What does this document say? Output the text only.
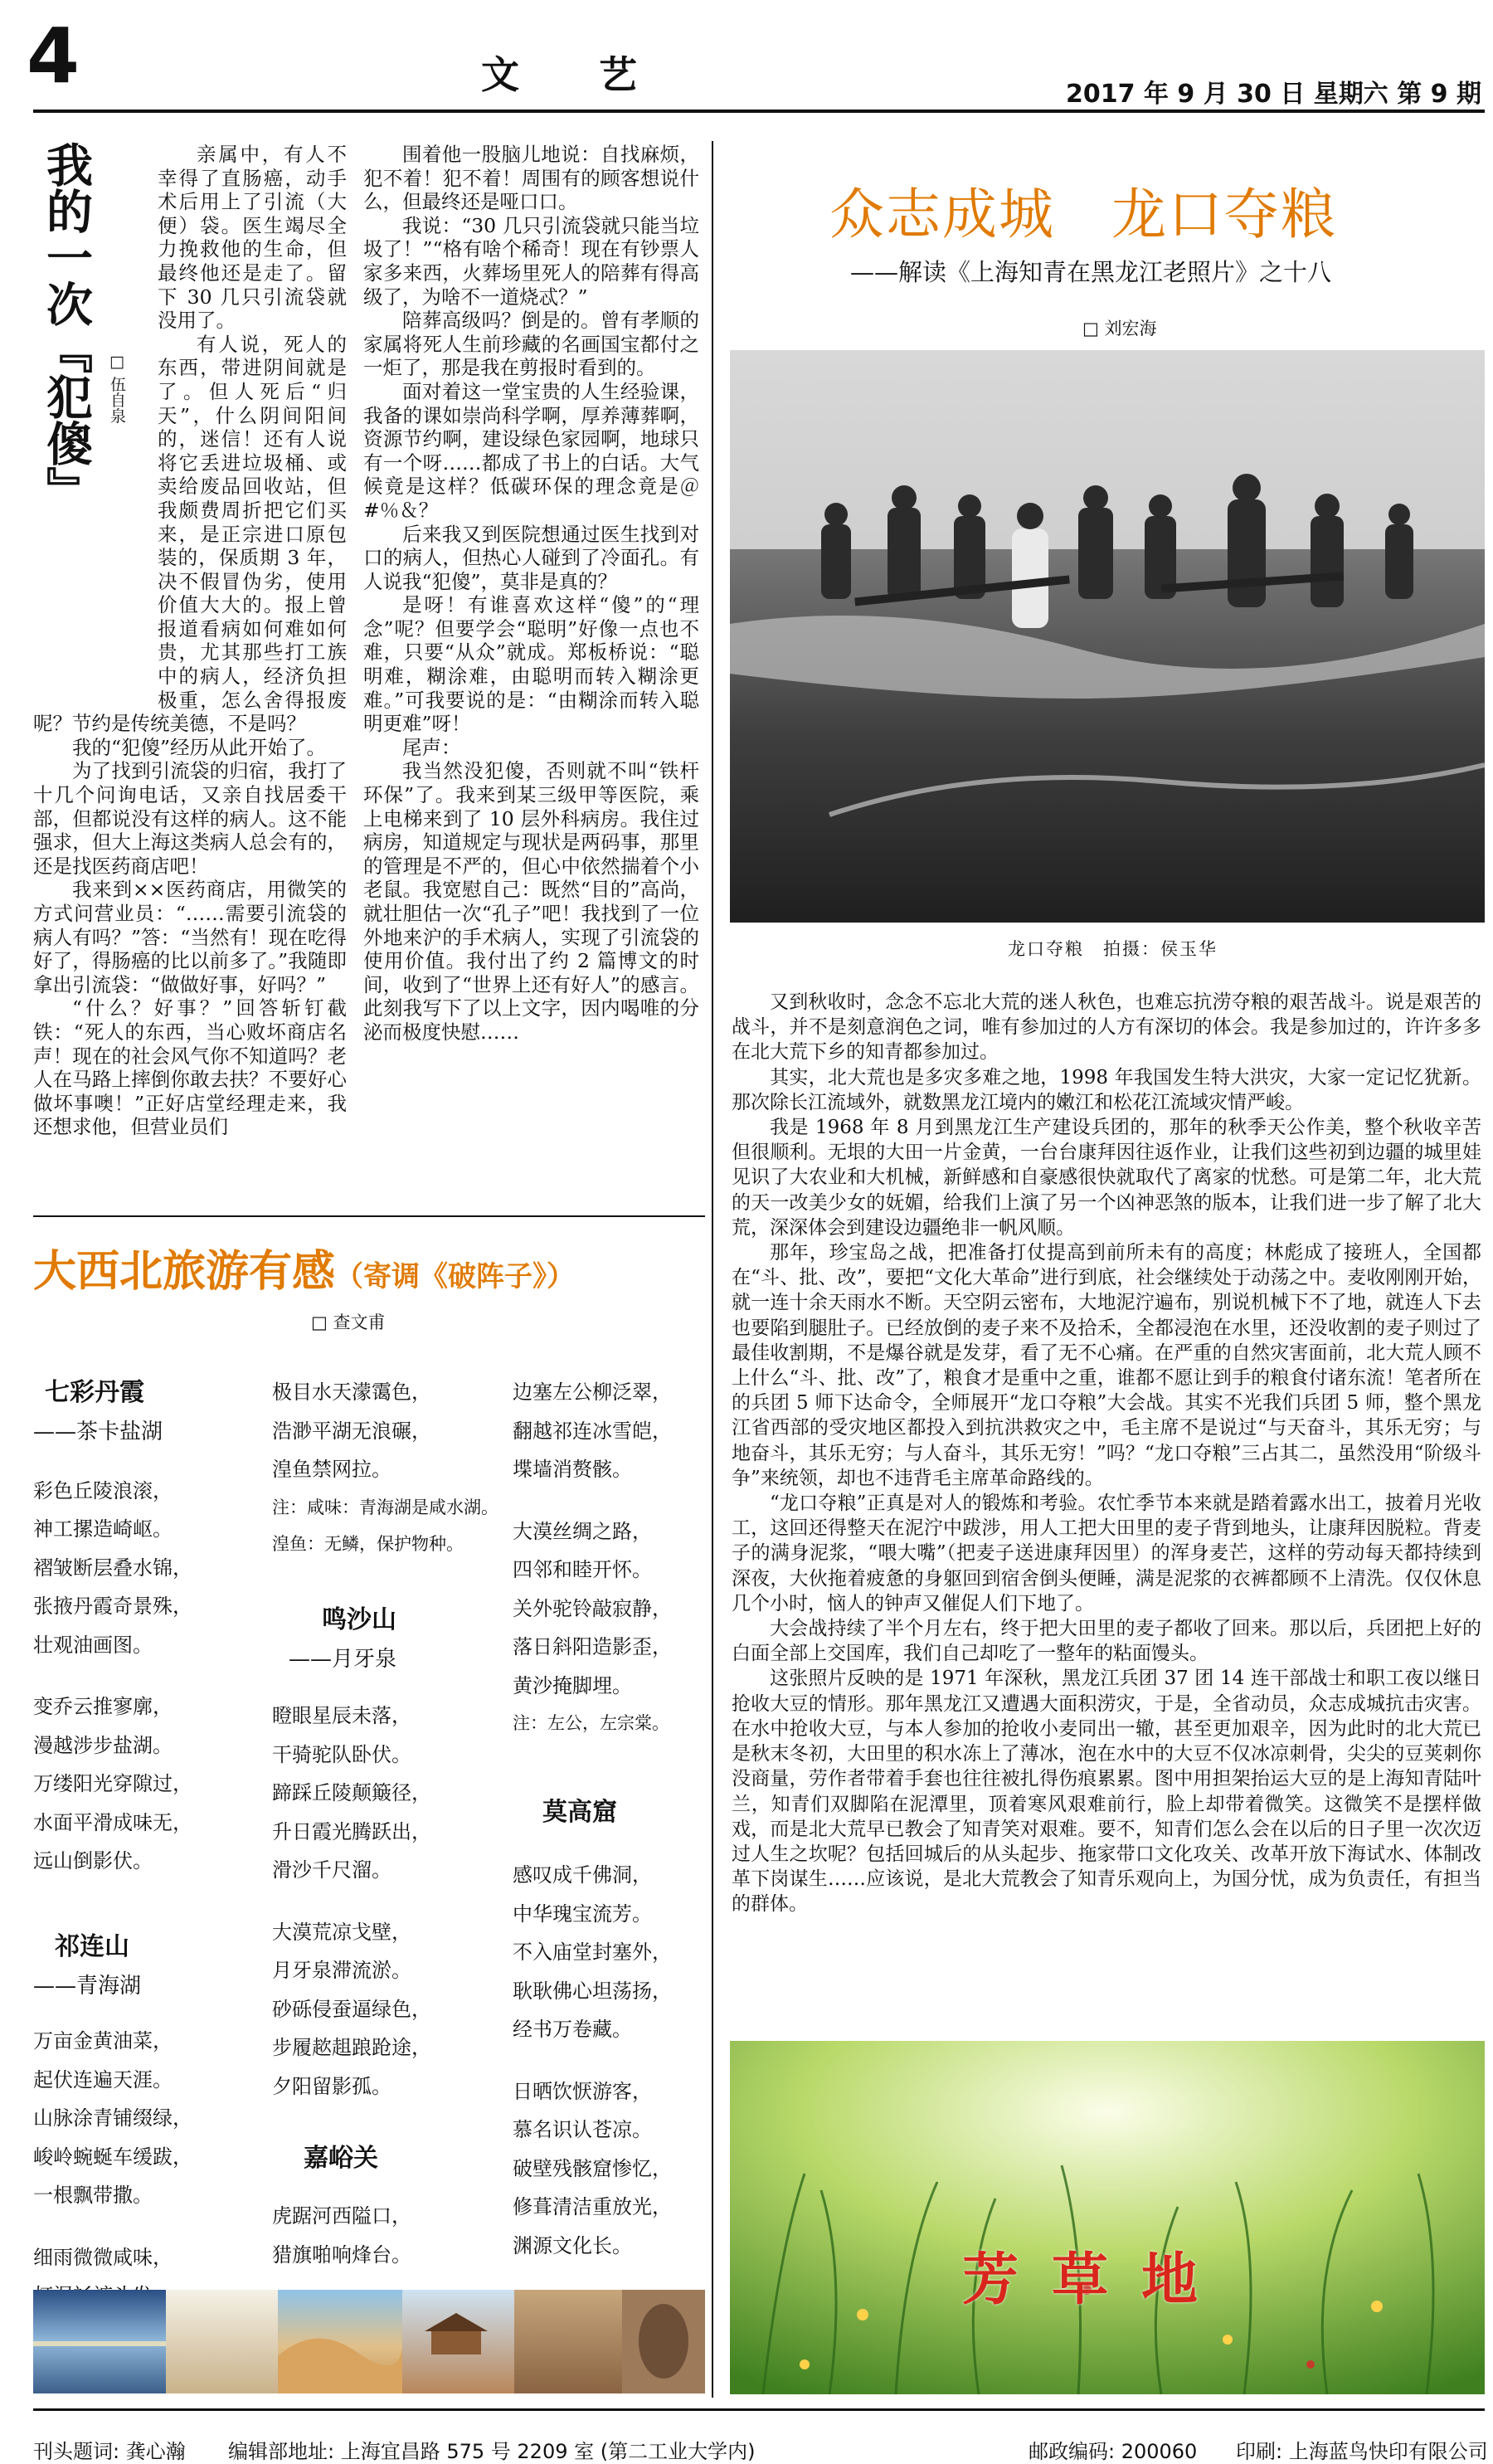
4	文 艺	2017 年 9 月 30 日 星期六 第 9 期
我的一次『犯傻』 □ 伍自泉

亲属中，有人不幸得了直肠癌，动手术后用上了引流（大便）袋。医生竭尽全力挽救他的生命，但最终他还是走了。留下 30 几只引流袋就没用了。

有人说，死人的东西，带进阴间就是了。但人死后“归天”，什么阴间阳间的，迷信！还有人说将它丢进垃圾桶、或卖给废品回收站，但我颇费周折把它们买来，是正宗进口原包装的，保质期 3 年，决不假冒伪劣，使用价值大大的。报上曾报道看病如何难如何贵，尤其那些打工族中的病人，经济负担极重，怎么舍得报废呢？节约是传统美德，不是吗？

我的“犯傻”经历从此开始了。

为了找到引流袋的归宿，我打了十几个问询电话，又亲自找居委干部，但都说没有这样的病人。这不能强求，但大上海这类病人总会有的，还是找医药商店吧！

我来到××医药商店，用微笑的方式问营业员：“……需要引流袋的病人有吗？”答：“当然有！现在吃得好了，得肠癌的比以前多了。”我随即拿出引流袋：“做做好事，好吗？”

“什么？好事？”回答斩钉截铁：“死人的东西，当心败坏商店名声！现在的社会风气你不知道吗？老人在马路上摔倒你敢去扶？不要好心做坏事噢！”正好店堂经理走来，我还想求他，但营业员们

围着他一股脑儿地说：自找麻烦，犯不着！犯不着！周围有的顾客想说什么，但最终还是哑口口。

我说：“30 几只引流袋就只能当垃圾了！”“格有啥个稀奇！现在有钞票人家多来西，火葬场里死人的陪葬有得高级了，为啥不一道烧忒？”

陪葬高级吗？倒是的。曾有孝顺的家属将死人生前珍藏的名画国宝都付之一炬了，那是我在剪报时看到的。

面对着这一堂宝贵的人生经验课，我备的课如崇尚科学啊，厚养薄葬啊，资源节约啊，建设绿色家园啊，地球只有一个呀……都成了书上的白话。大气候竟是这样？低碳环保的理念竟是＠#％＆？

后来我又到医院想通过医生找到对口的病人，但热心人碰到了冷面孔。有人说我“犯傻”，莫非是真的？

是呀！有谁喜欢这样“傻”的“理念”呢？但要学会“聪明”好像一点也不难，只要“从众”就成。郑板桥说：“聪明难，糊涂难，由聪明而转入糊涂更难。”可我要说的是：“由糊涂而转入聪明更难”呀！

尾声：

我当然没犯傻，否则就不叫“铁杆环保”了。我来到某三级甲等医院，乘上电梯来到了 10 层外科病房。我住过病房，知道规定与现状是两码事，那里的管理是不严的，但心中依然揣着个小老鼠。我宽慰自己：既然“目的”高尚，就壮胆估一次“孔子”吧！我找到了一位外地来沪的手术病人，实现了引流袋的使用价值。我付出了约 2 篇博文的时间，收到了“世界上还有好人”的感言。此刻我写下了以上文字，因内喝唯的分泌而极度快慰……

大西北旅游有感（寄调《破阵子》）
□ 查文甫
七彩丹霞
——茶卡盐湖
彩色丘陵浪滚，
神工摞造崎岖。
褶皱断层叠水锦，
张掖丹霞奇景殊，
壮观油画图。
变乔云推寥廓，
漫越涉步盐湖。
万缕阳光穿隙过，
水面平滑成味无，
远山倒影伏。
祁连山
——青海湖
万亩金黄油菜，
起伏连遍天涯。
山脉涂青铺缀绿，
峻岭蜿蜒车缓跋，
一根飘带撒。
细雨微微咸味，
极目水天濛霭色，
浩渺平湖无浪碾，
湟鱼禁网拉。
注：咸味：青海湖是咸水湖。
湟鱼：无鳞，保护物种。
鸣沙山
——月牙泉
瞪眼星辰未落，
干骑驼队卧伏。
蹄踩丘陵颠簸径，
升日霞光腾跃出，
滑沙千尺溜。
大漠荒凉戈壁，
月牙泉滞流淤。
砂砾侵蚕逼绿色，
步履趑趄踉跄途，
夕阳留影孤。
嘉峪关
虎踞河西隘口，
猎旗啪响烽台。
边塞左公柳泛翠，
翻越祁连冰雪皑，
堞墙消赘骸。
大漠丝绸之路，
四邻和睦开怀。
关外驼铃敲寂静，
落日斜阳造影歪，
黄沙掩脚埋。
注：左公，左宗棠。
莫高窟
感叹成千佛洞，
中华瑰宝流芳。
不入庙堂封塞外，
耿耿佛心坦荡扬，
经书万卷藏。
日晒饮恹游客，
慕名识认苍凉。
破壁残骸窟惨忆，
修葺清洁重放光，
渊源文化长。
众志成城　龙口夺粮
——解读《上海知青在黑龙江老照片》之十八
□ 刘宏海
龙口夺粮　拍摄：侯玉华

又到秋收时，念念不忘北大荒的迷人秋色，也难忘抗涝夺粮的艰苦战斗。说是艰苦的战斗，并不是刻意润色之词，唯有参加过的人方有深切的体会。我是参加过的，许许多多在北大荒下乡的知青都参加过。

其实，北大荒也是多灾多难之地，1998 年我国发生特大洪灾，大家一定记忆犹新。那次除长江流域外，就数黑龙江境内的嫩江和松花江流域灾情严峻。

我是 1968 年 8 月到黑龙江生产建设兵团的，那年的秋季天公作美，整个秋收辛苦但很顺利。无垠的大田一片金黄，一台台康拜因往返作业，让我们这些初到边疆的城里娃见识了大农业和大机械，新鲜感和自豪感很快就取代了离家的忧愁。可是第二年，北大荒的天一改美少女的妩媚，给我们上演了另一个凶神恶煞的版本，让我们进一步了解了北大荒，深深体会到建设边疆绝非一帆风顺。

那年，珍宝岛之战，把准备打仗提高到前所未有的高度；林彪成了接班人，全国都在“斗、批、改”，要把“文化大革命”进行到底，社会继续处于动荡之中。麦收刚刚开始，就一连十余天雨水不断。天空阴云密布，大地泥泞遍布，别说机械下不了地，就连人下去也要陷到腿肚子。已经放倒的麦子来不及拾禾，全都浸泡在水里，还没收割的麦子则过了最佳收割期，不是爆谷就是发芽，看了无不心痛。在严重的自然灾害面前，北大荒人顾不上什么“斗、批、改”了，粮食才是重中之重，谁都不愿让到手的粮食付诸东流！笔者所在的兵团 5 师下达命令，全师展开“龙口夺粮”大会战。其实不光我们兵团 5 师，整个黑龙江省西部的受灾地区都投入到抗洪救灾之中，毛主席不是说过“与天奋斗，其乐无穷；与地奋斗，其乐无穷；与人奋斗，其乐无穷！”吗？“龙口夺粮”三占其二，虽然没用“阶级斗争”来统领，却也不违背毛主席革命路线的。

“龙口夺粮”正真是对人的锻炼和考验。农忙季节本来就是踏着露水出工，披着月光收工，这回还得整天在泥泞中跋涉，用人工把大田里的麦子背到地头，让康拜因脱粒。背麦子的满身泥浆，“喂大嘴”（把麦子送进康拜因里）的浑身麦芒，这样的劳动每天都持续到深夜，大伙拖着疲惫的身躯回到宿舍倒头便睡，满是泥浆的衣裤都顾不上清洗。仅仅休息几个小时，恼人的钟声又催促人们下地了。

大会战持续了半个月左右，终于把大田里的麦子都收了回来。那以后，兵团把上好的白面全部上交国库，我们自己却吃了一整年的粘面馒头。

这张照片反映的是 1971 年深秋，黑龙江兵团 37 团 14 连干部战士和职工夜以继日抢收大豆的情形。那年黑龙江又遭遇大面积涝灾，于是，全省动员，众志成城抗击灾害。在水中抢收大豆，与本人参加的抢收小麦同出一辙，甚至更加艰辛，因为此时的北大荒已是秋末冬初，大田里的积水冻上了薄冰，泡在水中的大豆不仅冰凉刺骨，尖尖的豆荚刺你没商量，劳作者带着手套也往往被扎得伤痕累累。图中用担架抬运大豆的是上海知青陆叶兰，知青们双脚陷在泥潭里，顶着寒风艰难前行，脸上却带着微笑。这微笑不是摆样做戏，而是北大荒早已教会了知青笑对艰难。要不，知青们怎么会在以后的日子里一次次迈过人生之坎呢？包括回城后的从头起步、拖家带口文化攻关、改革开放下海试水、体制改革下岗谋生……应该说，是北大荒教会了知青乐观向上，为国分忧，成为负责任，有担当的群体。

芳草地
刊头题词: 龚心瀚 编辑部地址: 上海宜昌路 575 号 2209 室 (第二工业大学内)	邮政编码: 200060 印刷: 上海蓝鸟快印有限公司
